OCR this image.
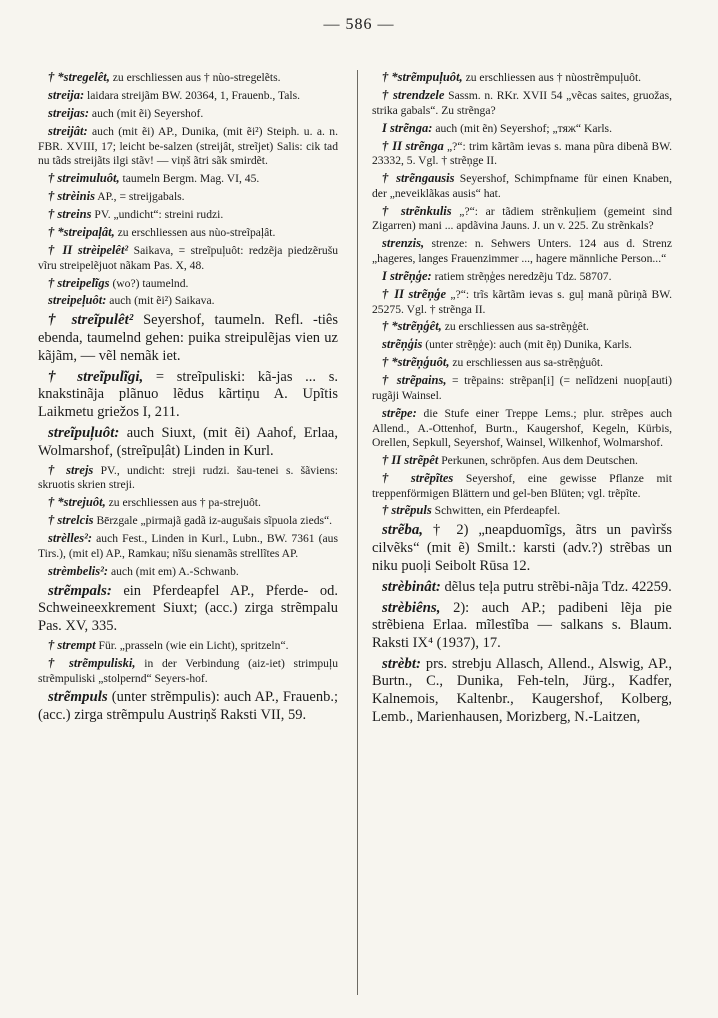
— 586 —

† *stregelêt, zu erschliessen aus † nùo-stregelẽts.

streija: laidara streijãm BW. 20364, 1, Frauenb., Tals.

streijas: auch (mit ẽi) Seyershof.

streijât: auch (mit ẽi) AP., Dunika, (mit ẽi²) Steiph. u. a. n. FBR. XVIII, 17; leicht be-salzen (streijât, streĩjet) Salis: cik tad nu tãds streijãts ilgi stãv! — viņš ãtri sãk smirdẽt.

† streimuluôt, taumeln Bergm. Mag. VI, 45.

† strèinis AP., = streijgabals.

† streins PV. „undicht“: streini rudzi.

† *streipaļât, zu erschliessen aus nùo-streĩpaļât.

† II strèipelêt² Saikava, = streĩpuļuôt: redzẽja piedzẽrušu vĩru streipelẽjuot nãkam Pas. X, 48.

† streipelĩgs (wo?) taumelnd.

streipeļuôt: auch (mit ẽi²) Saikava.

† streĩpulêt² Seyershof, taumeln. Refl. -tiês ebenda, taumelnd gehen: puika streipulẽjas vien uz kãjãm, — vẽl nemãk iet.

† streĩpulĩgi, = streĩpuliski: kã-jas ... s. knakstinãja plãnuo lẽdus kãrtiņu A. Upĩtis Laikmetu griežos I, 211.

streĩpuļuôt: auch Siuxt, (mit ẽi) Aahof, Erlaa, Wolmarshof, (streĩpuļât) Linden in Kurl.

† strejs PV., undicht: streji rudzi. šau-tenei s. šãviens: skruotis skrien streji.

† *strejuôt, zu erschliessen aus † pa-strejuôt.

† strelcis Bērzgale „pirmajã gadã iz-augušais sĩpuola zieds“.

strèlles²: auch Fest., Linden in Kurl., Lubn., BW. 7361 (aus Tirs.), (mit el) AP., Ramkau; nĩšu sienamãs strellĩtes AP.

strèmbelis²: auch (mit em) A.-Schwanb.

strẽmpals: ein Pferdeapfel AP., Pferde- od. Schweineexkrement Siuxt; (acc.) zirga strẽmpalu Pas. XV, 335.

† strempt Für. „prasseln (wie ein Licht), spritzeln“.

† strẽmpuliski, in der Verbindung (aiz-iet) strimpuļu strẽmpuliski „stolpernd“ Seyers-hof.

strẽmpuls (unter strẽmpulis): auch AP., Frauenb.; (acc.) zirga strẽmpulu Austriņš Raksti VII, 59.

† *strẽmpuļuôt, zu erschliessen aus † nùostrẽmpuļuôt.

† strendzele Sassm. n. RKr. XVII 54 „vẽcas saites, gruožas, strika gabals“. Zu strẽnga?

I strẽnga: auch (mit ẽn) Seyershof; „тяж“ Karls.

† II strẽnga „?“: trim kãrtãm ievas s. mana pũra dibenã BW. 23332, 5. Vgl. † strẽņge II.

† strẽngausis Seyershof, Schimpfname für einen Knaben, der „neveiklãkas ausis“ hat.

† strẽnkulis „?“: ar tãdiem strẽnkuļiem (gemeint sind Zigarren) mani ... apdãvina Jauns. J. un v. 225. Zu strẽnkals?

strenzis, strenze: n. Sehwers Unters. 124 aus d. Strenz „hageres, langes Frauenzimmer ..., hagere männliche Person...“

I strẽņģe: ratiem strẽņģes neredzẽju Tdz. 58707.

† II strẽņģe „?“: trĩs kãrtãm ievas s. guļ manã pũriņã BW. 25275. Vgl. † strẽnga II.

† *strẽņģêt, zu erschliessen aus sa-strẽņģêt.

strẽņģis (unter strẽņģe): auch (mit ẽņ) Dunika, Karls.

† *strẽņģuôt, zu erschliessen aus sa-strẽņģuôt.

† strẽpains, = trẽpains: strẽpan[i] (= nelĩdzeni nuop[auti) rugãji Wainsel.

strẽpe: die Stufe einer Treppe Lems.; plur. strẽpes auch Allend., A.-Ottenhof, Burtn., Kaugershof, Kegeln, Kürbis, Orellen, Sepkull, Seyershof, Wainsel, Wilkenhof, Wolmarshof.

† II strẽpêt Perkunen, schröpfen. Aus dem Deutschen.

† strẽpĩtes Seyershof, eine gewisse Pflanze mit treppenförmigen Blättern und gel-ben Blüten; vgl. trẽpĩte.

† strẽpuls Schwitten, ein Pferdeapfel.

strẽba, † 2) „neapduomĩgs, ãtrs un pavìršs cilvẽks“ (mit ẽ) Smilt.: karsti (adv.?) strẽbas un niku puoļi Seibolt Rūsa 12.

strèbinât: dẽlus teļa putru strẽbi-nãja Tdz. 42259.

strèbiêns, 2): auch AP.; padibeni lẽja pie strẽbiena Erlaa. mĩlestĩba — salkans s. Blaum. Raksti IX⁴ (1937), 17.

strèbt: prs. strebju Allasch, Allend., Alswig, AP., Burtn., C., Dunika, Feh-teln, Jürg., Kadfer, Kalnemois, Kaltenbr., Kaugershof, Kolberg, Lemb., Marienhausen, Morizberg, N.-Laitzen,
